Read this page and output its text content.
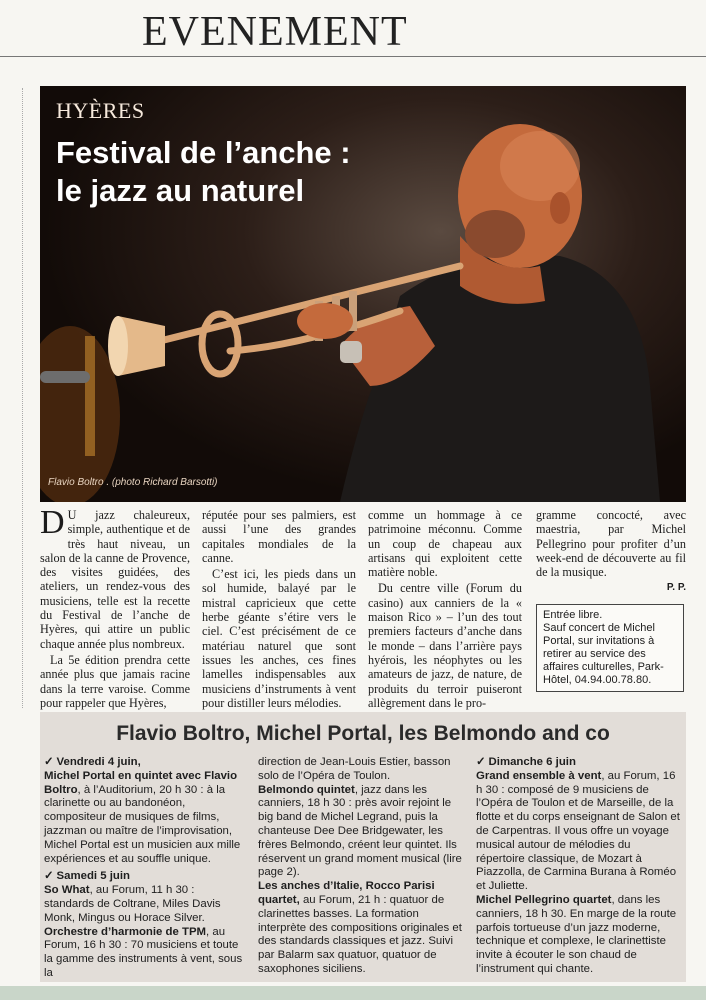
EVENEMENT
HYÈRES
Festival de l’anche :
le jazz au naturel
Flavio Boltro . (photo Richard Barsotti)

D U jazz chaleureux, simple, authentique et de très haut niveau, un salon de la canne de Provence, des visites guidées, des ateliers, un rendez-vous des musiciens, telle est la recette du Festival de l’anche de Hyères, qui attire un public chaque année plus nombreux.

La 5e édition prendra cette année plus que jamais racine dans la terre varoise. Comme pour rappeler que Hyères,

réputée pour ses palmiers, est aussi l’une des grandes capitales mondiales de la canne.

C’est ici, les pieds dans un sol humide, balayé par le mistral capricieux que cette herbe géante s’étire vers le ciel. C’est précisément de ce matériau naturel que sont issues les anches, ces fines lamelles indispensables aux musiciens d’instruments à vent pour distiller leurs mélodies.

comme un hommage à ce patrimoine méconnu. Comme un coup de chapeau aux artisans qui exploitent cette matière noble.

Du centre ville (Forum du casino) aux canniers de la « maison Rico » – l’un des tout premiers facteurs d’anche dans le monde – dans l’arrière pays hyérois, les néophytes ou les amateurs de jazz, de nature, de produits du terroir puiseront allègrement dans le pro-

gramme concocté, avec maestria, par Michel Pellegrino pour profiter d’un week-end de découverte au fil de la musique.

P. P.
Entrée libre.
Sauf concert de Michel Portal, sur invitations à retirer au service des affaires culturelles, Park-Hôtel, 04.94.00.78.80.
Flavio Boltro, Michel Portal, les Belmondo and co

✓ Vendredi 4 juin,

Michel Portal en quintet avec Flavio Boltro, à l’Auditorium, 20 h 30 : à la clarinette ou au bandonéon, compositeur de musiques de films, jazzman ou maître de l’improvisation, Michel Portal est un musicien aux mille expériences et au souffle unique.

✓ Samedi 5 juin

So What, au Forum, 11 h 30 : standards de Coltrane, Miles Davis Monk, Mingus ou Horace Silver.

Orchestre d’harmonie de TPM, au Forum, 16 h 30 : 70 musiciens et toute la gamme des instruments à vent, sous la

direction de Jean-Louis Estier, basson solo de l’Opéra de Toulon.

Belmondo quintet, jazz dans les canniers, 18 h 30 : près avoir rejoint le big band de Michel Legrand, puis la chanteuse Dee Dee Bridgewater, les frères Belmondo, créent leur quintet. Ils réservent un grand moment musical (lire page 2).

Les anches d’Italie, Rocco Parisi quartet, au Forum, 21 h : quatuor de clarinettes basses. La formation interprète des compositions originales et des standards classiques et jazz. Suivi par Balarm sax quatuor, quatuor de saxophones siciliens.

✓ Dimanche 6 juin

Grand ensemble à vent, au Forum, 16 h 30 : composé de 9 musiciens de l’Opéra de Toulon et de Marseille, de la flotte et du corps enseignant de Salon et de Carpentras. Il vous offre un voyage musical autour de mélodies du répertoire classique, de Mozart à Piazzolla, de Carmina Burana à Roméo et Juliette.

Michel Pellegrino quartet, dans les canniers, 18 h 30. En marge de la route parfois tortueuse d’un jazz moderne, technique et complexe, le clarinettiste invite à écouter le son chaud de l’instrument qui chante.
